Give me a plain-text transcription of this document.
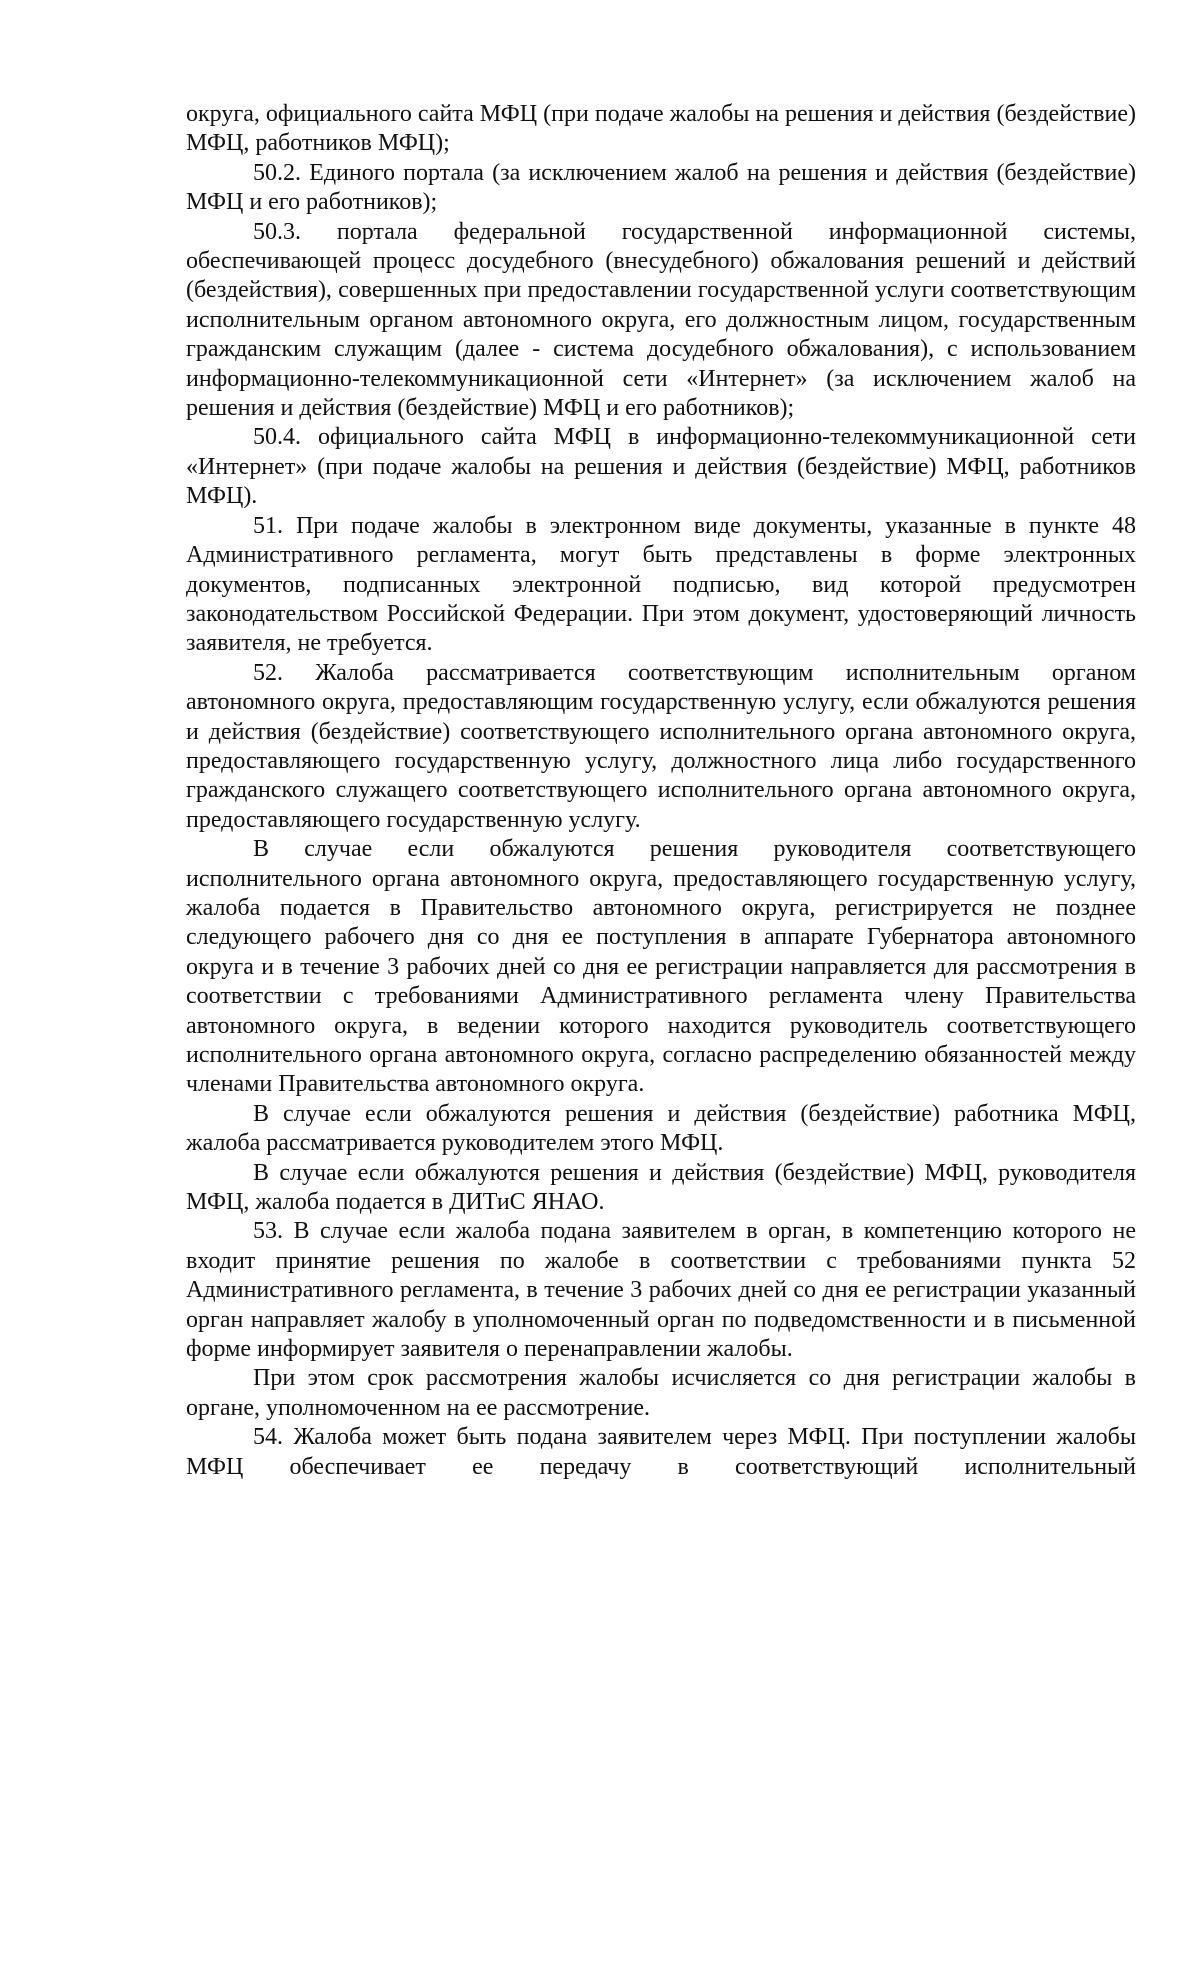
округа, официального сайта МФЦ (при подаче жалобы на решения и действия (бездействие) МФЦ, работников МФЦ);

50.2. Единого портала (за исключением жалоб на решения и действия (бездействие) МФЦ и его работников);

50.3. портала федеральной государственной информационной системы, обеспечивающей процесс досудебного (внесудебного) обжалования решений и действий (бездействия), совершенных при предоставлении государственной услуги соответствующим исполнительным органом автономного округа, его должностным лицом, государственным гражданским служащим (далее - система досудебного обжалования), с использованием информационно-телекоммуникационной сети «Интернет» (за исключением жалоб на решения и действия (бездействие) МФЦ и его работников);

50.4. официального сайта МФЦ в информационно-телекоммуникационной сети «Интернет» (при подаче жалобы на решения и действия (бездействие) МФЦ, работников МФЦ).

51. При подаче жалобы в электронном виде документы, указанные в пункте 48 Административного регламента, могут быть представлены в форме электронных документов, подписанных электронной подписью, вид которой предусмотрен законодательством Российской Федерации. При этом документ, удостоверяющий личность заявителя, не требуется.

52. Жалоба рассматривается соответствующим исполнительным органом автономного округа, предоставляющим государственную услугу, если обжалуются решения и действия (бездействие) соответствующего исполнительного органа автономного округа, предоставляющего государственную услугу, должностного лица либо государственного гражданского служащего соответствующего исполнительного органа автономного округа, предоставляющего государственную услугу.

В случае если обжалуются решения руководителя соответствующего исполнительного органа автономного округа, предоставляющего государственную услугу, жалоба подается в Правительство автономного округа, регистрируется не позднее следующего рабочего дня со дня ее поступления в аппарате Губернатора автономного округа и в течение 3 рабочих дней со дня ее регистрации направляется для рассмотрения в соответствии с требованиями Административного регламента члену Правительства автономного округа, в ведении которого находится руководитель соответствующего исполнительного органа автономного округа, согласно распределению обязанностей между членами Правительства автономного округа.

В случае если обжалуются решения и действия (бездействие) работника МФЦ, жалоба рассматривается руководителем этого МФЦ.

В случае если обжалуются решения и действия (бездействие) МФЦ, руководителя МФЦ, жалоба подается в ДИТиС ЯНАО.

53. В случае если жалоба подана заявителем в орган, в компетенцию которого не входит принятие решения по жалобе в соответствии с требованиями пункта 52 Административного регламента, в течение 3 рабочих дней со дня ее регистрации указанный орган направляет жалобу в уполномоченный орган по подведомственности и в письменной форме информирует заявителя о перенаправлении жалобы.

При этом срок рассмотрения жалобы исчисляется со дня регистрации жалобы в органе, уполномоченном на ее рассмотрение.

54. Жалоба может быть подана заявителем через МФЦ. При поступлении жалобы МФЦ обеспечивает ее передачу в соответствующий исполнительный
